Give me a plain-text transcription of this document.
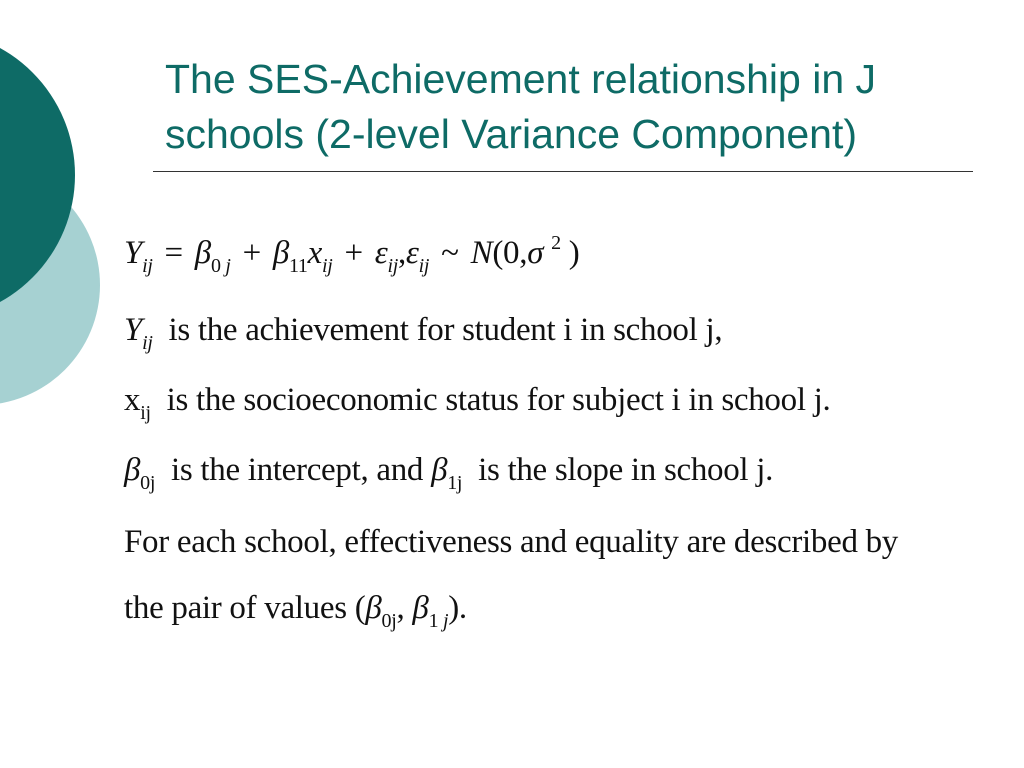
The SES-Achievement relationship in J schools (2-level Variance Component)
$Y_{ij} = \beta_{0 j} + \beta_{11}x_{ij} + \varepsilon_{ij},\varepsilon_{ij}$ ~ N(0,σ $^2$ )
$Y_{ij}$ is the achievement for student i in school j,
$x_{ij}$ is the socioeconomic status for subject i in school j.
$\beta_{0j}$ is the intercept, and $\beta_{1j}$ is the slope in school j.
For each school, effectiveness and equality are described by
the pair of values ($\beta_{0j}$, $\beta_{1 j}$).
